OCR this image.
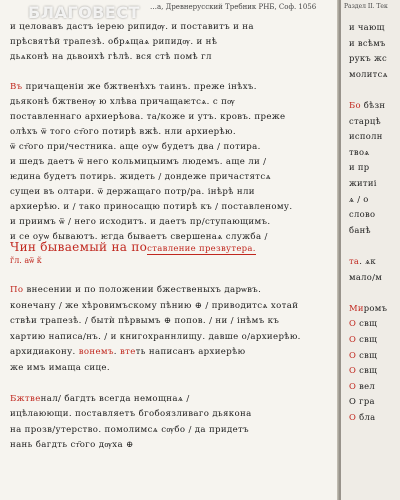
…а, Древнерусский Требник РНБ, Соф. 1056
БЛАГОВЕСТ
и целовавъ дастъ іерею рипидѹ. и поставитъ и на
прѣсвятѣй трапезѣ. обрѧщаѧ рипидѹ. и нѣ
дьѧконѣ на дьвоихѣ гѣлѣ. вся стѣ помѣ гл
Въ причащеніи же бжтвенѣхъ таинъ. преже інѣхъ.
дьяконѣ бжтвенѹ ю хлѣва причащаѥтсѧ. с пѹ
поставленнаго архиерѣова. та/коже и утъ. кровъ. преже
олѣхъ ѿ того ст҃ого потирѣ вжѣ. нли архиерѣю.
ѿ ст҃ого при/честника. аще оуѡ будетъ два / потира.
и шедъ даетъ ѿ него кольмицыимъ людемъ. аще ли /
ѥдина будетъ потирь. жидеть / дондеже причастятсѧ
сущеи въ олтари. ѿ держащаго потр/ра. інѣрѣ нли
архиерѣю. и / тако приносащю потирѣ къ / поставленому.
и приимъ ѿ / него исходитъ. и даетъ пр/ступающимъ.
и се оуѡ бываютъ. ѥгда бываетъ свершенаѧ служба /
Чин бываемый на поставление презвутера.
г̃л. аѿ к̃
По внесении и по положении бжественыхъ дарѡвъ.
конечану / же хѣровимъскому пѣнию ⊕ / приводитсѧ хотай
ствѣи трапезѣ. / бытѝ пѣрвымъ ⊕ попов. / ни / інѣмъ къ
хартию написа/нъ. / и книгохраннлищу. давше о/архиерѣю.
архидиакону. вонемъ. втеть написанъ архиерѣю
же имъ имаща сице.
Бжтвенал/ багдть всегда немощнаѧ /
ицѣлаюющи. поставляетъ бгобоязливаго дьякона
на прозв/утерство. помолимсѧ сѹбо / да придетъ
нань багдть ст҃ого дѹха ⊕
Раздел II. Тек
и чающ
и всѣмъ
рукъ жс
молитсѧ
Бо бѣзн
старцѣ
исполн
твоѧ
и пр
житиі
ѧ / о
слово
банѣ
та. ѧк
мало/м
Миромъ
О свщ
О свщ
О свщ
О свщ
О вел
О гра
О бла
